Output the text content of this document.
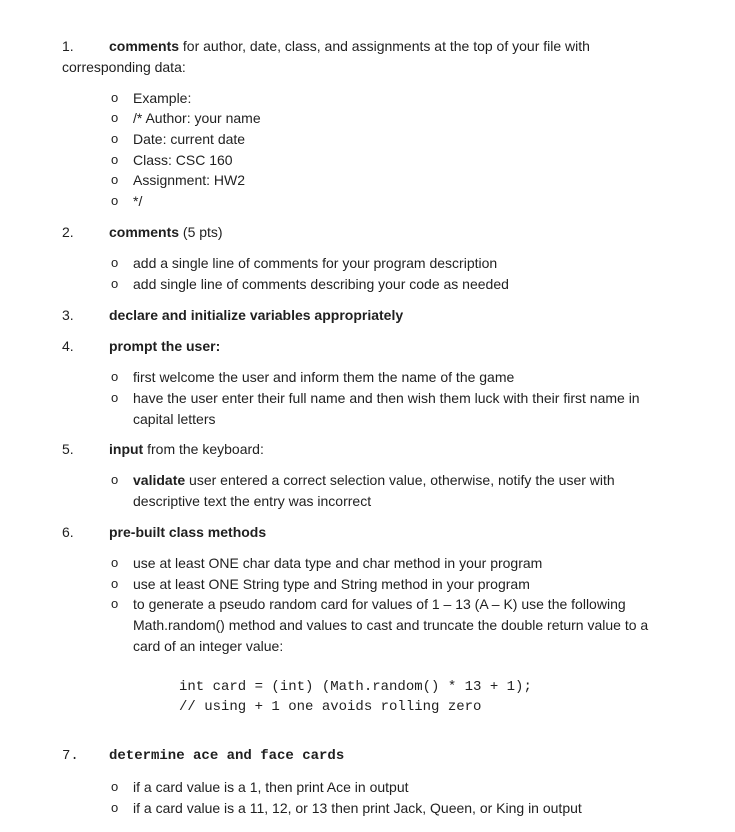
1.	comments for author, date, class, and assignments at the top of your file with
corresponding data:
o Example:
o /* Author: your name
o Date: current date
o Class: CSC 160
o Assignment: HW2
o */
2.	comments (5 pts)
o add a single line of comments for your program description
o add single line of comments describing your code as needed
3.	declare and initialize variables appropriately
4.	prompt the user:
o first welcome the user and inform them the name of the game
o have the user enter their full name and then wish them luck with their first name in capital letters
5.	input from the keyboard:
o validate user entered a correct selection value, otherwise, notify the user with descriptive text the entry was incorrect
6.	pre-built class methods
o use at least ONE char data type and char method in your program
o use at least ONE String type and String method in your program
o to generate a pseudo random card for values of 1 – 13 (A – K) use the following Math.random() method and values to cast and truncate the double return value to a card of an integer value:
int card = (int) (Math.random() * 13 + 1);
// using + 1 one avoids rolling zero
7. determine ace and face cards
o if a card value is a 1, then print Ace in output
o if a card value is a 11, 12, or 13 then print Jack, Queen, or King in output
